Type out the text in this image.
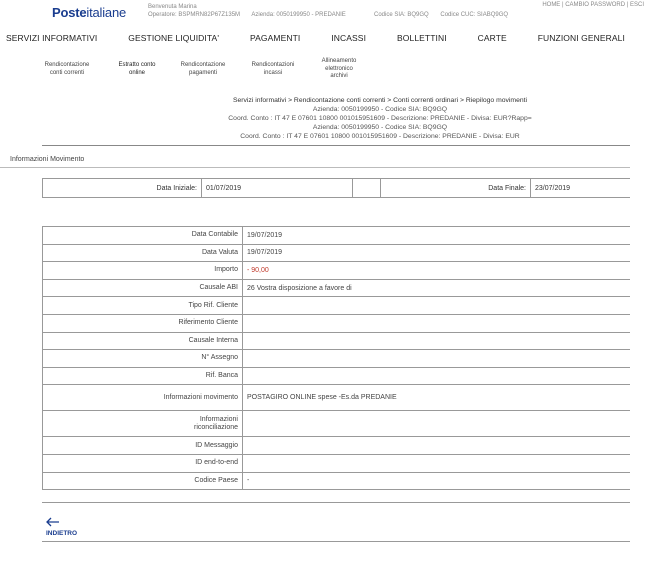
Posteitaliane	Benvenuta Marina
Operatore: BSPMRN82P67Z135M Azienda: 0050199950 - PREDANIE	Codice SIA: BQ9GQ Codice CUC: SIABQ9GQ
HOME | CAMBIO PASSWORD | ESCI
SERVIZI INFORMATIVI	GESTIONE LIQUIDITA'	PAGAMENTI	INCASSI	BOLLETTINI	CARTE	FUNZIONI GENERALI
Rendicontazione
conti correnti
Estratto conto
online
Rendicontazione
pagamenti
Rendicontazioni
incassi
Allineamento
elettronico
archivi
Servizi informativi > Rendicontazione conti correnti > Conti correnti ordinari > Riepilogo movimenti
Azienda: 0050199950 - Codice SIA: BQ9GQ
Coord. Conto : IT 47 E 07601 10800 001015951609 - Descrizione: PREDANIE - Divisa: EUR?Rapp=
Azienda: 0050199950 - Codice SIA: BQ9GQ
Coord. Conto : IT 47 E 07601 10800 001015951609 - Descrizione: PREDANIE - Divisa: EUR
Informazioni Movimento
Data Iniziale:	01/07/2019	Data Finale:	23/07/2019
Data Contabile	19/07/2019
Data Valuta	19/07/2019
Importo	- 90,00
Causale ABI	26 Vostra disposizione a favore di
Tipo Rif. Cliente
Riferimento Cliente
Causale Interna
N° Assegno
Rif. Banca
Informazioni movimento	POSTAGIRO ONLINE spese -Es.da PREDANIE
Informazioni riconciliazione
ID Messaggio
ID end-to-end
Codice Paese	-
INDIETRO
